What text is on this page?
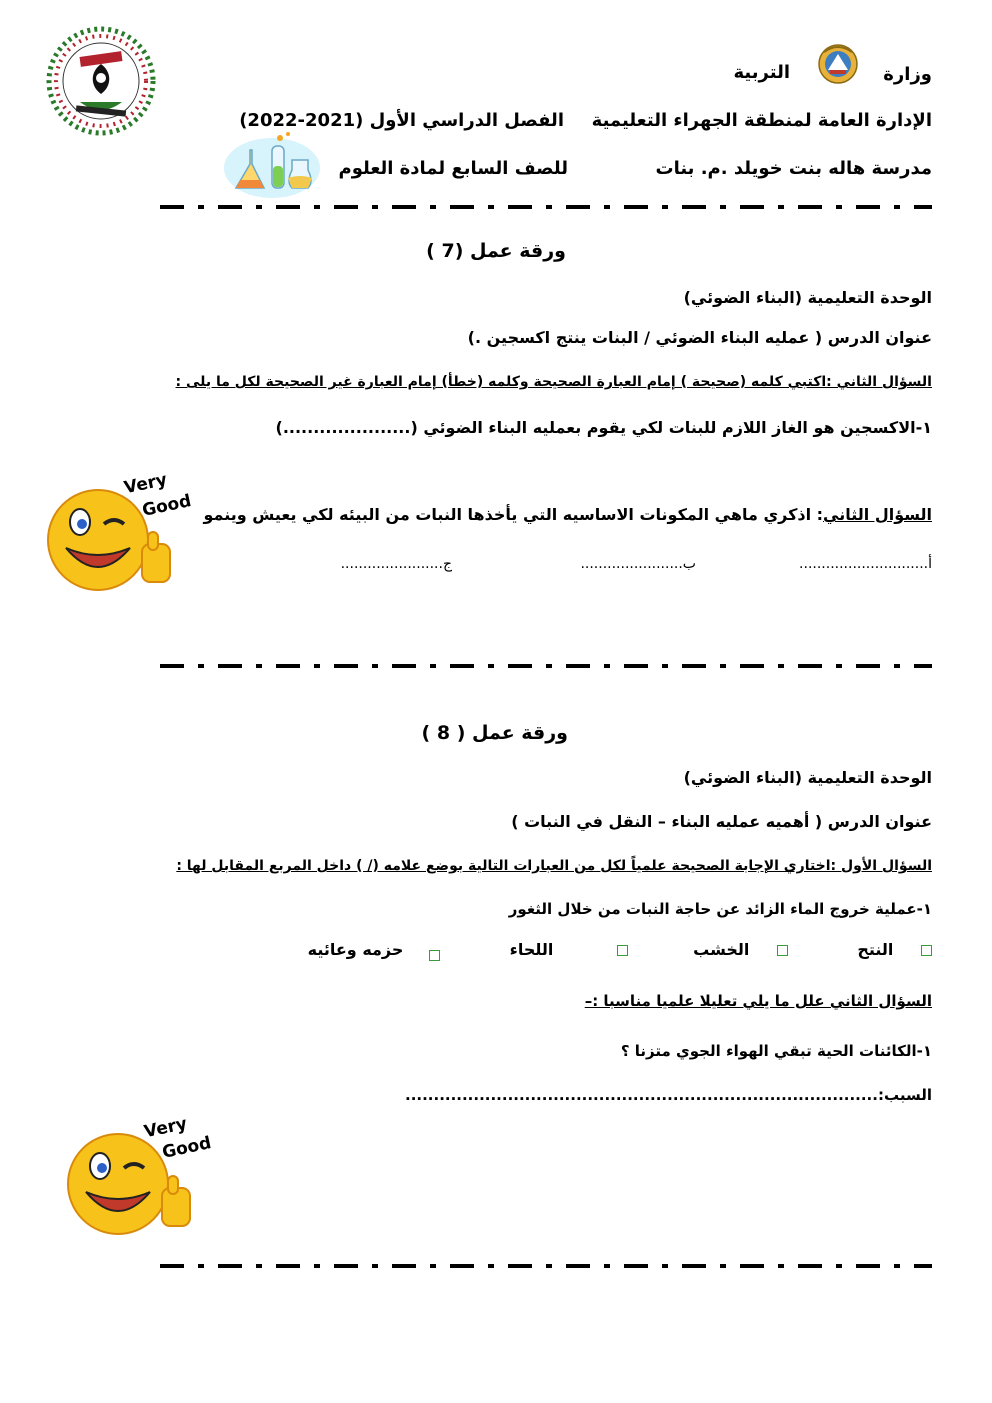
وزارة
التربية
الإدارة العامة لمنطقة الجهراء التعليمية
الفصل الدراسي الأول (2021-2022)
مدرسة هاله بنت خويلد .م. بنات
للصف السابع لمادة العلوم
ورقة عمل (7 )
الوحدة التعليمية (البناء الضوئي)
عنوان الدرس ( عمليه البناء الضوئي / البنات ينتج اكسجين .)
السؤال الثاني :اكتبي كلمه (صحيحة ) إمام العبارة الصحيحة وكلمه (خطأ) إمام العبارة غير الصحيحة لكل ما يلى :
١-الاكسجين هو الغاز اللازم للبنات لكي يقوم بعمليه البناء الضوئي (.....................)
Very
Good	السؤال الثاني: اذكري ماهي المكونات الاساسيه التي يأخذها النبات من البيئه لكي يعيش وينمو
أ.............................
ب.......................
ج.......................
ورقة عمل ( 8 )
الوحدة التعليمية (البناء الضوئي)
عنوان الدرس ( أهميه عمليه البناء – النقل في النبات )
السؤال الأول :اختاري الإجابة الصحيحة علمياً لكل من العبارات التالية بوضع علامه (/ ) داخل المربع المقابل لها :
١-عملية خروج الماء الزائد عن حاجة النبات من خلال الثغور
النتح
الخشب
اللحاء
حزمه وعائيه
السؤال الثاني علل ما يلي تعليلا علميا مناسبا :–
١-الكائنات الحية تبقي الهواء الجوي متزنا ؟
السبب:...................................................................................
Very
Good
